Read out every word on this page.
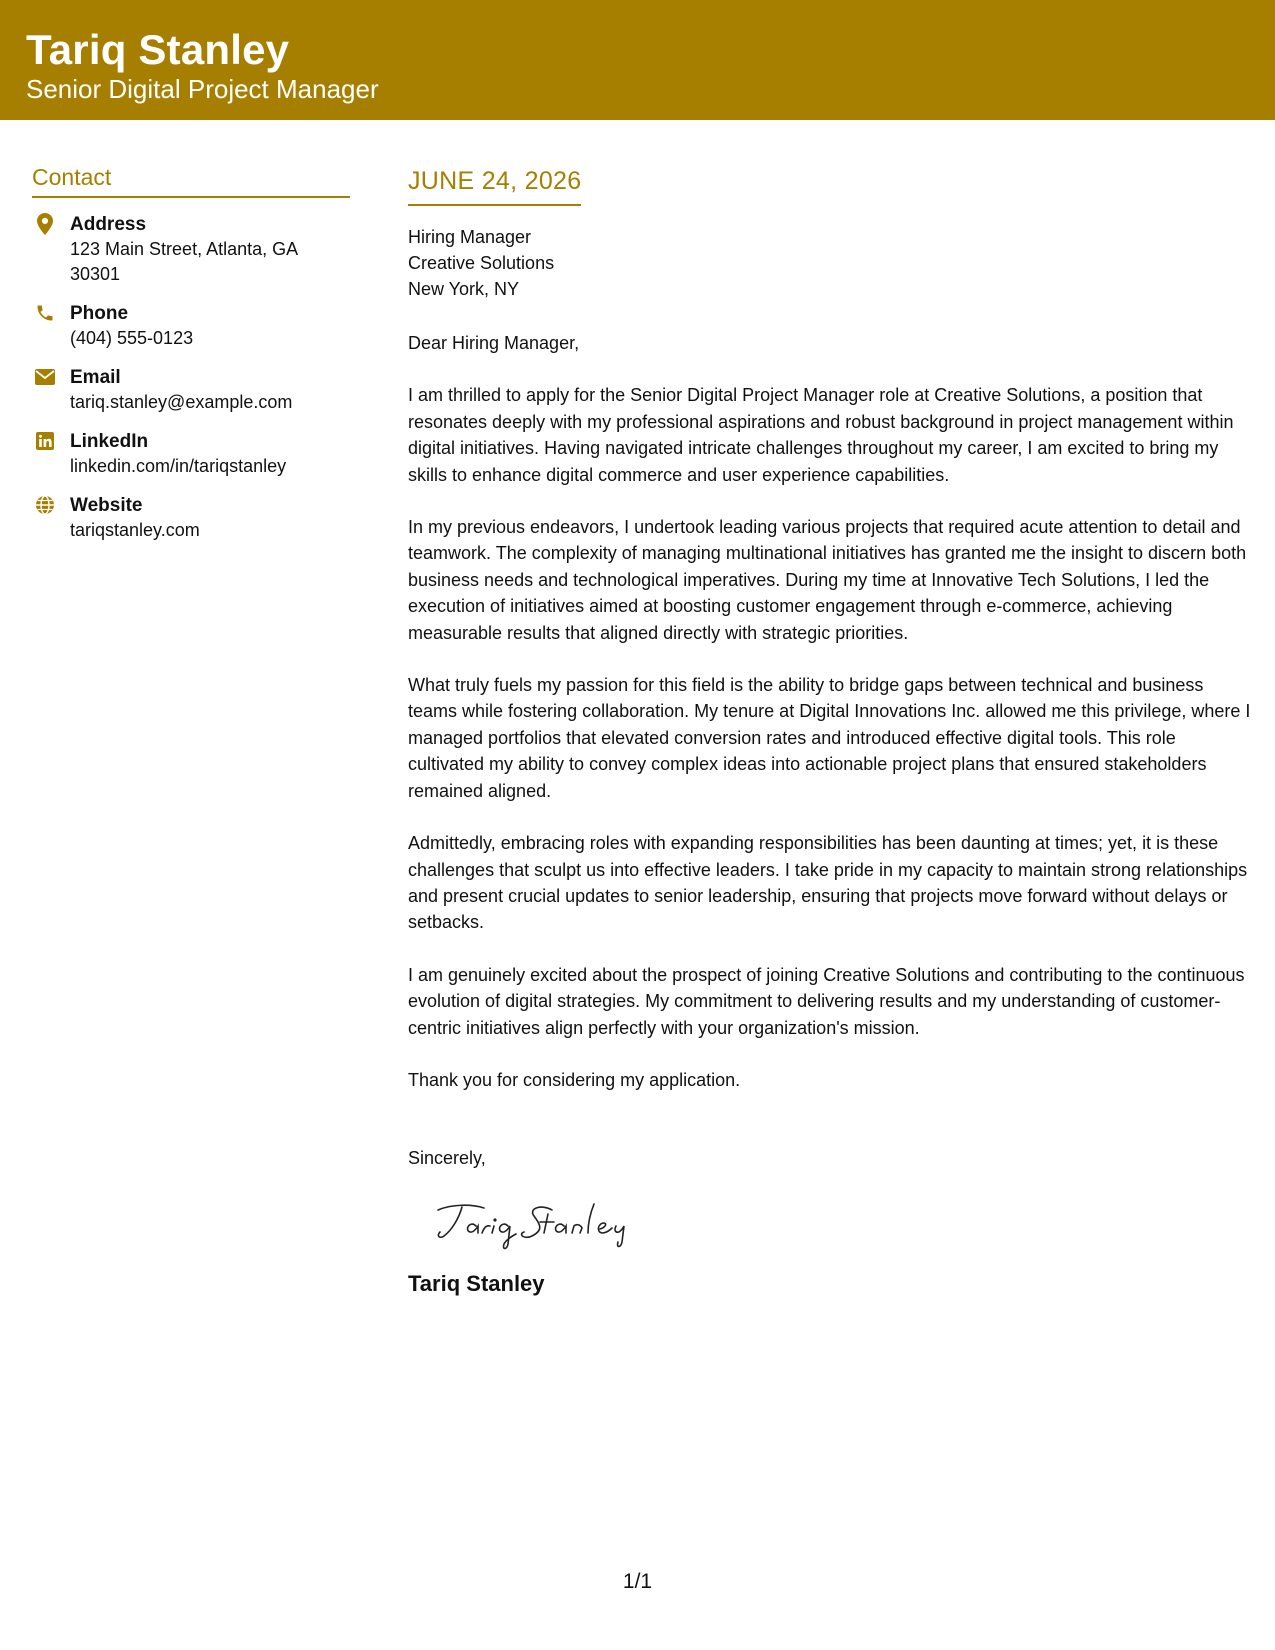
Tariq Stanley
Senior Digital Project Manager
Contact
Address
123 Main Street, Atlanta, GA
30301
Phone
(404) 555-0123
Email
tariq.stanley@example.com
LinkedIn
linkedin.com/in/tariqstanley
Website
tariqstanley.com
JUNE 24, 2026
Hiring Manager
Creative Solutions
New York, NY
Dear Hiring Manager,
I am thrilled to apply for the Senior Digital Project Manager role at Creative Solutions, a position that resonates deeply with my professional aspirations and robust background in project management within digital initiatives. Having navigated intricate challenges throughout my career, I am excited to bring my skills to enhance digital commerce and user experience capabilities.
In my previous endeavors, I undertook leading various projects that required acute attention to detail and teamwork. The complexity of managing multinational initiatives has granted me the insight to discern both business needs and technological imperatives. During my time at Innovative Tech Solutions, I led the execution of initiatives aimed at boosting customer engagement through e-commerce, achieving measurable results that aligned directly with strategic priorities.
What truly fuels my passion for this field is the ability to bridge gaps between technical and business teams while fostering collaboration. My tenure at Digital Innovations Inc. allowed me this privilege, where I managed portfolios that elevated conversion rates and introduced effective digital tools. This role cultivated my ability to convey complex ideas into actionable project plans that ensured stakeholders remained aligned.
Admittedly, embracing roles with expanding responsibilities has been daunting at times; yet, it is these challenges that sculpt us into effective leaders. I take pride in my capacity to maintain strong relationships and present crucial updates to senior leadership, ensuring that projects move forward without delays or setbacks.
I am genuinely excited about the prospect of joining Creative Solutions and contributing to the continuous evolution of digital strategies. My commitment to delivering results and my understanding of customer-centric initiatives align perfectly with your organization's mission.
Thank you for considering my application.
Sincerely,
Tariq Stanley
1/1
